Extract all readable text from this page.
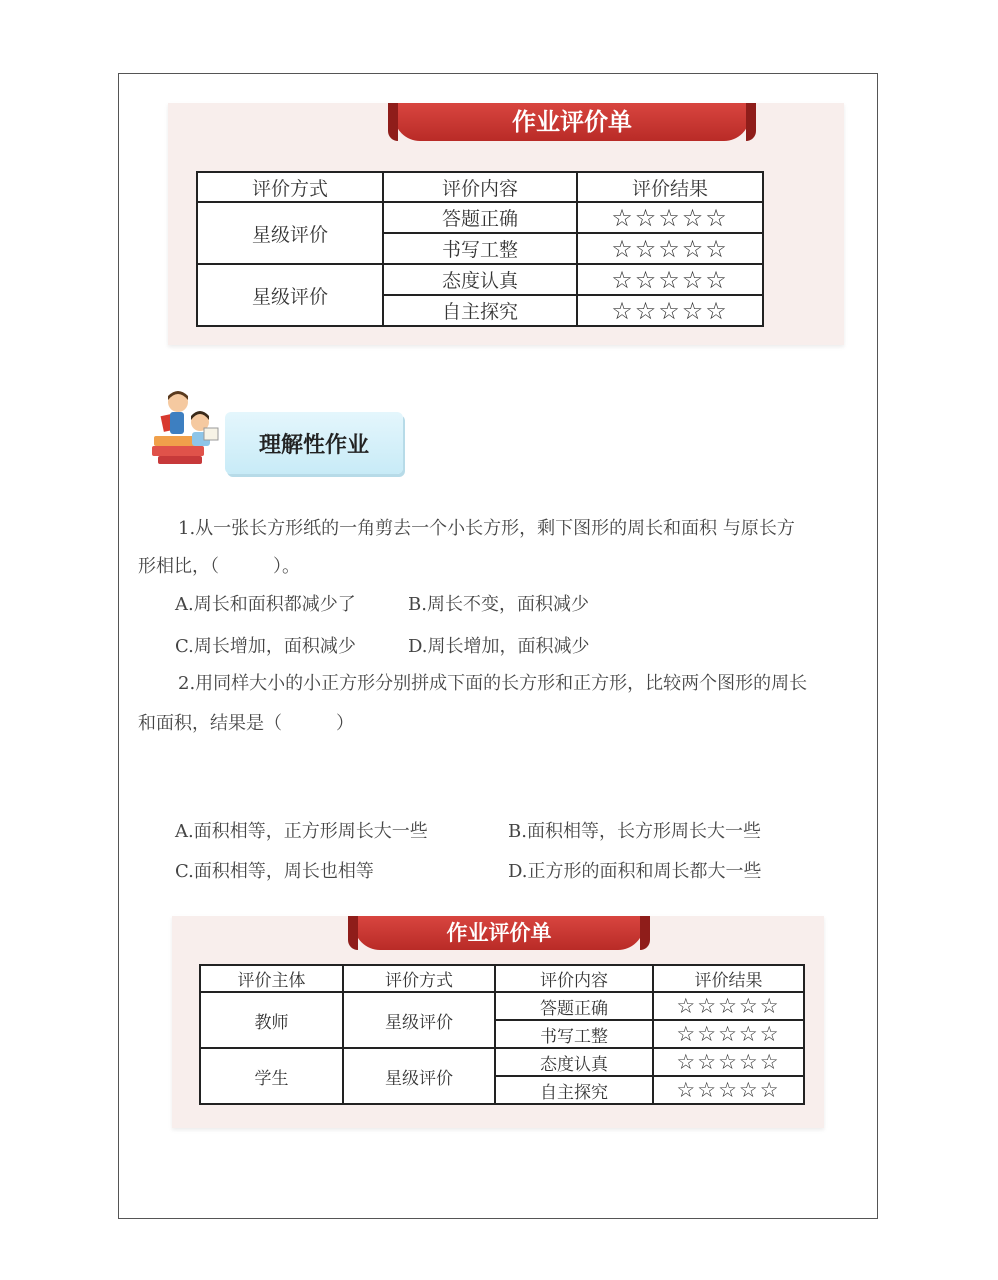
作业评价单
评价方式	评价内容	评价结果
星级评价	答题正确	☆☆☆☆☆
	书写工整	☆☆☆☆☆
星级评价	态度认真	☆☆☆☆☆
	自主探究	☆☆☆☆☆
理解性作业
1.从一张长方形纸的一角剪去一个小长方形，剩下图形的周长和面积 与原长方
形相比，（　　　）。
A.周长和面积都减少了	B.周长不变，面积减少
C.周长增加，面积减少	D.周长增加，面积减少
2.用同样大小的小正方形分别拼成下面的长方形和正方形，比较两个图形的周长
和面积，结果是（　　　）
A.面积相等，正方形周长大一些	B.面积相等，长方形周长大一些
C.面积相等，周长也相等	D.正方形的面积和周长都大一些
作业评价单
评价主体	评价方式	评价内容	评价结果
教师	星级评价	答题正确	☆☆☆☆☆
		书写工整	☆☆☆☆☆
学生	星级评价	态度认真	☆☆☆☆☆
		自主探究	☆☆☆☆☆
